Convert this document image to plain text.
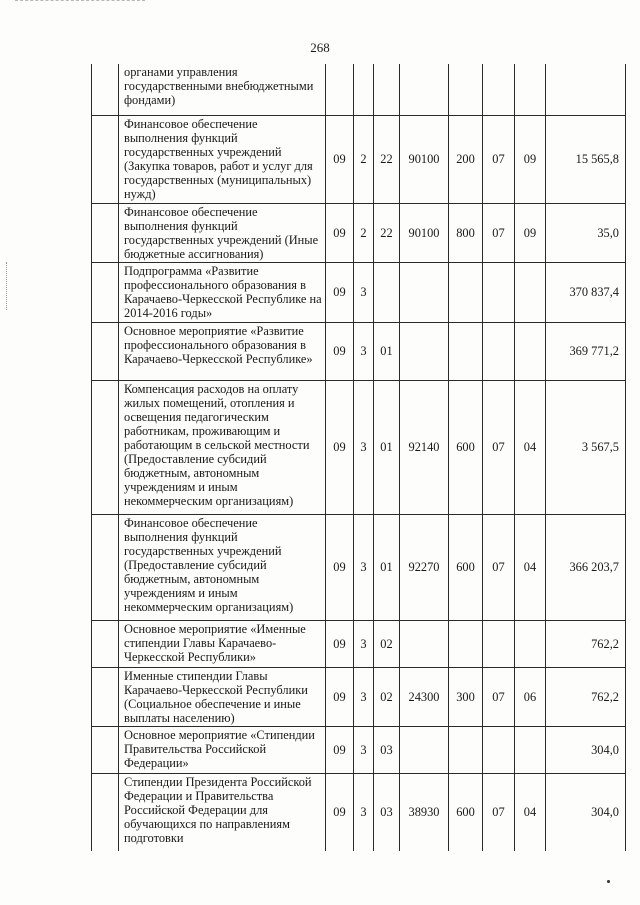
268
	органами управления государственными внебюджетными фондами)								
	Финансовое обеспечение выполнения функций государственных учреждений (Закупка товаров, работ и услуг для государственных (муниципальных) нужд)	09	2	22	90100	200	07	09	15 565,8
	Финансовое обеспечение выполнения функций государственных учреждений (Иные бюджетные ассигнования)	09	2	22	90100	800	07	09	35,0
	Подпрограмма «Развитие профессионального образования в Карачаево-Черкесской Республике на 2014-2016 годы»	09	3						370 837,4
	Основное мероприятие «Развитие профессионального образования в Карачаево-Черкесской Республике»	09	3	01					369 771,2
	Компенсация расходов на оплату жилых помещений, отопления и освещения педагогическим работникам, проживающим и работающим в сельской местности (Предоставление субсидий бюджетным, автономным учреждениям и иным некоммерческим организациям)	09	3	01	92140	600	07	04	3 567,5
	Финансовое обеспечение выполнения функций государственных учреждений (Предоставление субсидий бюджетным, автономным учреждениям и иным некоммерческим организациям)	09	3	01	92270	600	07	04	366 203,7
	Основное мероприятие «Именные стипендии Главы Карачаево-Черкесской Республики»	09	3	02					762,2
	Именные стипендии Главы Карачаево-Черкесской Республики (Социальное обеспечение и иные выплаты населению)	09	3	02	24300	300	07	06	762,2
	Основное мероприятие «Стипендии Правительства Российской Федерации»	09	3	03					304,0
	Стипендии Президента Российской Федерации и Правительства Российской Федерации для обучающихся по направлениям подготовки	09	3	03	38930	600	07	04	304,0
